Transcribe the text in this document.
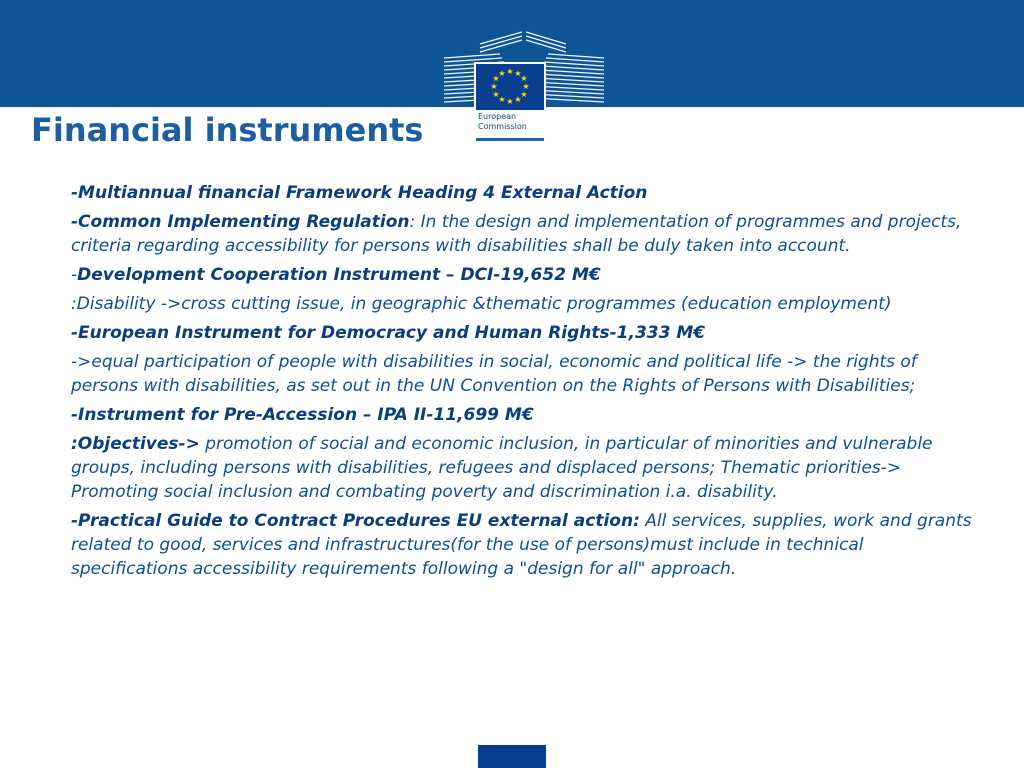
★ ★
★
★
★
★
★
★
★
★
★
★
European
Commission
Financial instruments

-Multiannual financial Framework Heading 4 External Action

-Common Implementing Regulation: In the design and implementation of programmes and projects, criteria regarding accessibility for persons with disabilities shall be duly taken into account.

-Development Cooperation Instrument – DCI-19,652 M€

:Disability ->cross cutting issue, in geographic &thematic programmes (education employment)

-European Instrument for Democracy and Human Rights-1,333 M€

->equal participation of people with disabilities in social, economic and political life -> the rights of persons with disabilities, as set out in the UN Convention on the Rights of Persons with Disabilities;

-Instrument for Pre-Accession – IPA II-11,699 M€

:Objectives-> promotion of social and economic inclusion, in particular of minorities and vulnerable groups, including persons with disabilities, refugees and displaced persons; Thematic priorities-> Promoting social inclusion and combating poverty and discrimination i.a. disability.

-Practical Guide to Contract Procedures EU external action: All services, supplies, work and grants related to good, services and infrastructures(for the use of persons)must include in technical specifications accessibility requirements following a "design for all" approach.
